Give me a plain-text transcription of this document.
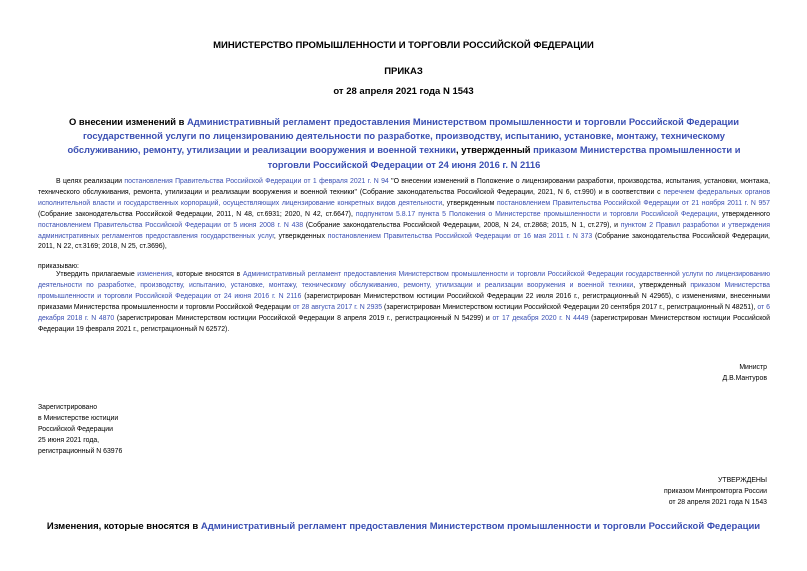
МИНИСТЕРСТВО ПРОМЫШЛЕННОСТИ И ТОРГОВЛИ РОССИЙСКОЙ ФЕДЕРАЦИИ
ПРИКАЗ
от 28 апреля 2021 года N 1543
О внесении изменений в Административный регламент предоставления Министерством промышленности и торговли Российской Федерации государственной услуги по лицензированию деятельности по разработке, производству, испытанию, установке, монтажу, техническому обслуживанию, ремонту, утилизации и реализации вооружения и военной техники, утвержденный приказом Министерства промышленности и торговли Российской Федерации от 24 июня 2016 г. N 2116
В целях реализации постановления Правительства Российской Федерации от 1 февраля 2021 г. N 94 "О внесении изменений в Положение о лицензировании разработки, производства, испытания, установки, монтажа, технического обслуживания, ремонта, утилизации и реализации вооружения и военной техники" (Собрание законодательства Российской Федерации, 2021, N 6, ст.990) и в соответствии с перечнем федеральных органов исполнительной власти и государственных корпораций, осуществляющих лицензирование конкретных видов деятельности, утвержденным постановлением Правительства Российской Федерации от 21 ноября 2011 г. N 957 (Собрание законодательства Российской Федерации, 2011, N 48, ст.6931; 2020, N 42, ст.6647), подпунктом 5.8.17 пункта 5 Положения о Министерстве промышленности и торговли Российской Федерации, утвержденного постановлением Правительства Российской Федерации от 5 июня 2008 г. N 438 (Собрание законодательства Российской Федерации, 2008, N 24, ст.2868; 2015, N 1, ст.279), и пунктом 2 Правил разработки и утверждения административных регламентов предоставления государственных услуг, утвержденных постановлением Правительства Российской Федерации от 16 мая 2011 г. N 373 (Собрание законодательства Российской Федерации, 2011, N 22, ст.3169; 2018, N 25, ст.3696),
приказываю:
Утвердить прилагаемые изменения, которые вносятся в Административный регламент предоставления Министерством промышленности и торговли Российской Федерации государственной услуги по лицензированию деятельности по разработке, производству, испытанию, установке, монтажу, техническому обслуживанию, ремонту, утилизации и реализации вооружения и военной техники, утвержденный приказом Министерства промышленности и торговли Российской Федерации от 24 июня 2016 г. N 2116 (зарегистрирован Министерством юстиции Российской Федерации 22 июля 2016 г., регистрационный N 42965), с изменениями, внесенными приказами Министерства промышленности и торговли Российской Федерации от 28 августа 2017 г. N 2935 (зарегистрирован Министерством юстиции Российской Федерации 20 сентября 2017 г., регистрационный N 48251), от 6 декабря 2018 г. N 4870 (зарегистрирован Министерством юстиции Российской Федерации 8 апреля 2019 г., регистрационный N 54299) и от 17 декабря 2020 г. N 4449 (зарегистрирован Министерством юстиции Российской Федерации 19 февраля 2021 г., регистрационный N 62572).
Министр
Д.В.Мантуров
Зарегистрировано
в Министерстве юстиции
Российской Федерации
25 июня 2021 года,
регистрационный N 63976
УТВЕРЖДЕНЫ
приказом Минпромторга России
от 28 апреля 2021 года N 1543
Изменения, которые вносятся в Административный регламент предоставления Министерством промышленности и торговли Российской Федерации
